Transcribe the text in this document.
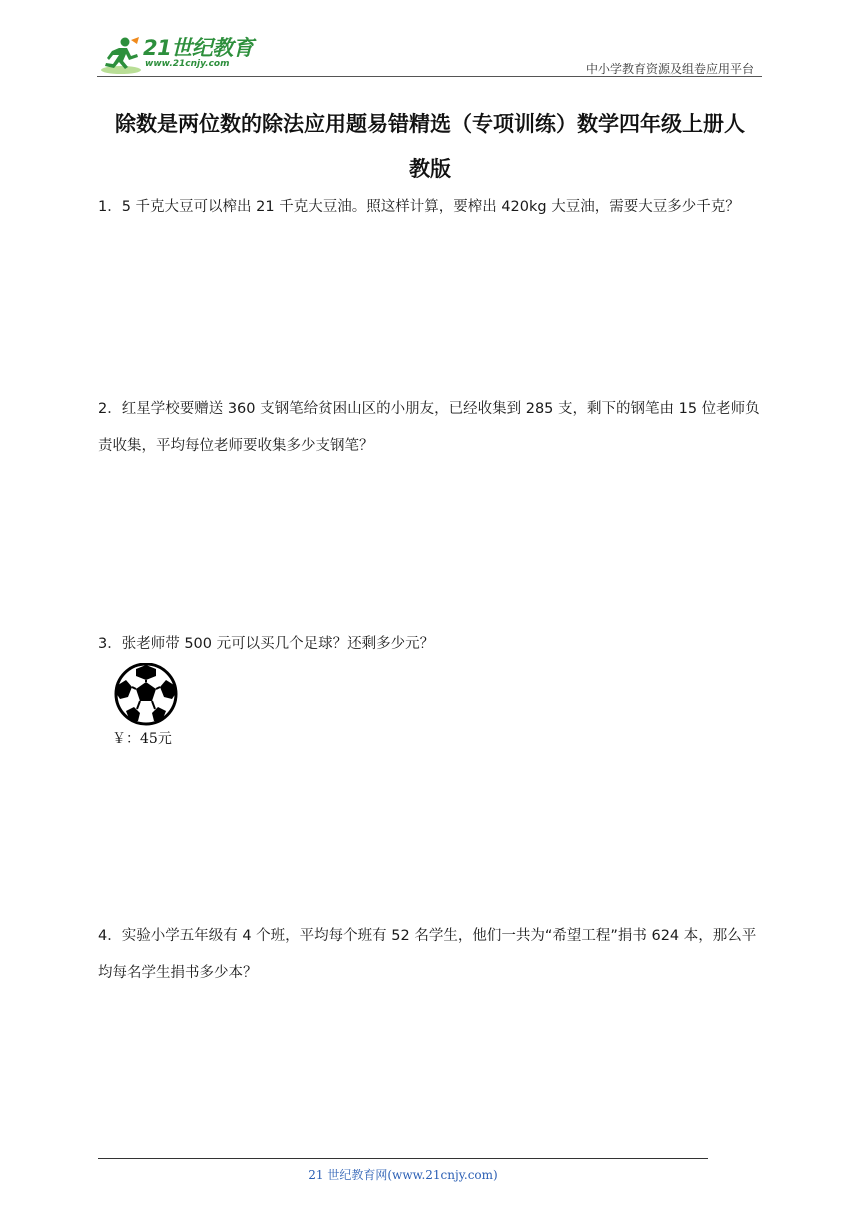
21世纪教育
www.21cnjy.com	中小学教育资源及组卷应用平台
除数是两位数的除法应用题易错精选（专项训练）数学四年级上册人
教版
1．5 千克大豆可以榨出 21 千克大豆油。照这样计算，要榨出 420kg 大豆油，需要大豆多少千克？
2．红星学校要赠送 360 支钢笔给贫困山区的小朋友，已经收集到 285 支，剩下的钢笔由 15 位老师负责收集，平均每位老师要收集多少支钢笔？
3．张老师带 500 元可以买几个足球？还剩多少元？
￥：45元
4．实验小学五年级有 4 个班，平均每个班有 52 名学生，他们一共为“希望工程”捐书 624 本，那么平均每名学生捐书多少本？
21 世纪教育网(www.21cnjy.com)
